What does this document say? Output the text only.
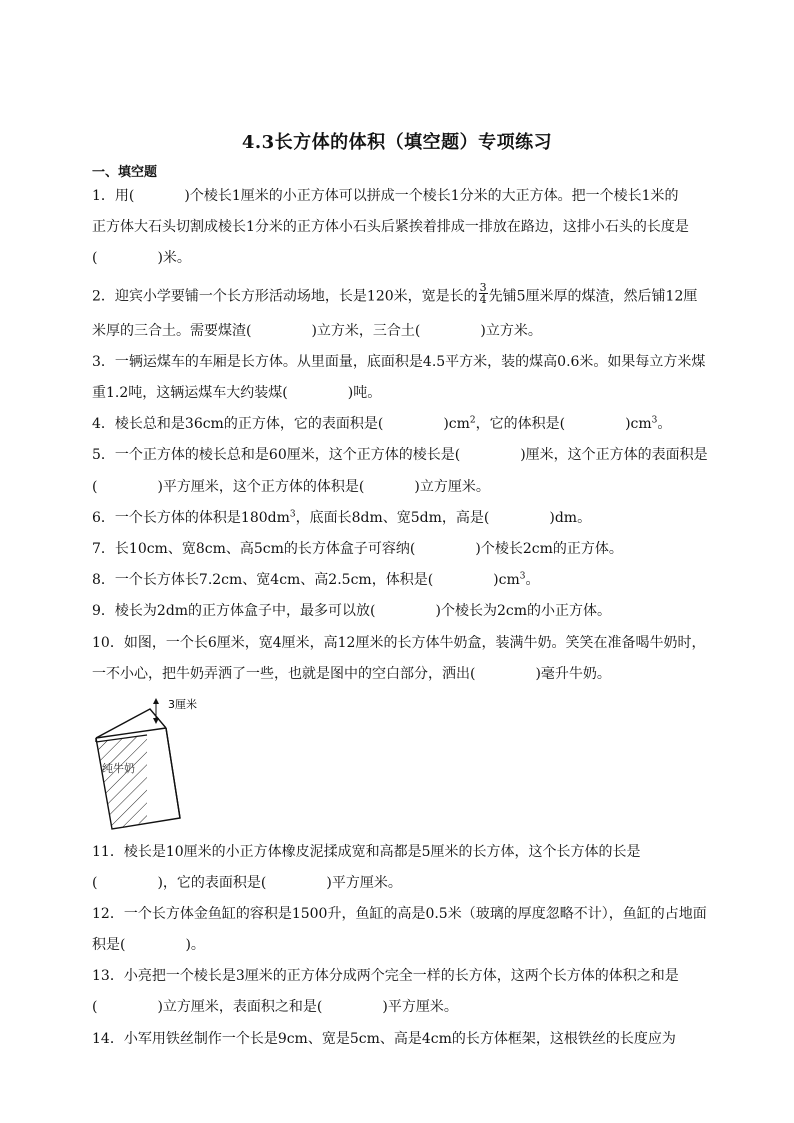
4.3长方体的体积（填空题）专项练习
一、填空题
1．用(	)个棱长1厘米的小正方体可以拼成一个棱长1分米的大正方体。把一个棱长1米的
正方体大石头切割成棱长1分米的正方体小石头后紧挨着排成一排放在路边，这排小石头的长度是
(	)米。
2．迎宾小学要铺一个长方形活动场地，长是120米，宽是长的 $\frac{3}{4}$ 先铺5厘米厚的煤渣，然后铺12厘
米厚的三合土。需要煤渣(	)立方米，三合土(	)立方米。
3．一辆运煤车的车厢是长方体。从里面量，底面积是4.5平方米，装的煤高0.6米。如果每立方米煤
重1.2吨，这辆运煤车大约装煤(	)吨。
4．棱长总和是36cm的正方体，它的表面积是(	)$cm^2$，它的体积是(	)$cm^3$。
5．一个正方体的棱长总和是60厘米，这个正方体的棱长是(	)厘米，这个正方体的表面积是
(	)平方厘米，这个正方体的体积是(	)立方厘米。
6．一个长方体的体积是$180dm^3$，底面长8dm、宽5dm，高是(	)dm。
7．长10cm、宽8cm、高5cm的长方体盒子可容纳(	)个棱长2cm的正方体。
8．一个长方体长7.2cm、宽4cm、高2.5cm，体积是(	)$cm^3$。
9．棱长为2dm的正方体盒子中，最多可以放(	)个棱长为2cm的小正方体。
10．如图，一个长6厘米，宽4厘米，高12厘米的长方体牛奶盒，装满牛奶。笑笑在准备喝牛奶时，
一不小心，把牛奶弄洒了一些，也就是图中的空白部分，洒出(	)毫升牛奶。
3厘米
纯牛奶
11．棱长是10厘米的小正方体橡皮泥揉成宽和高都是5厘米的长方体，这个长方体的长是
(	)，它的表面积是(	)平方厘米。
12．一个长方体金鱼缸的容积是1500升，鱼缸的高是0.5米（玻璃的厚度忽略不计），鱼缸的占地面
积是(	)。
13．小亮把一个棱长是3厘米的正方体分成两个完全一样的长方体，这两个长方体的体积之和是
(	)立方厘米，表面积之和是(	)平方厘米。
14．小军用铁丝制作一个长是9cm、宽是5cm、高是4cm的长方体框架，这根铁丝的长度应为
